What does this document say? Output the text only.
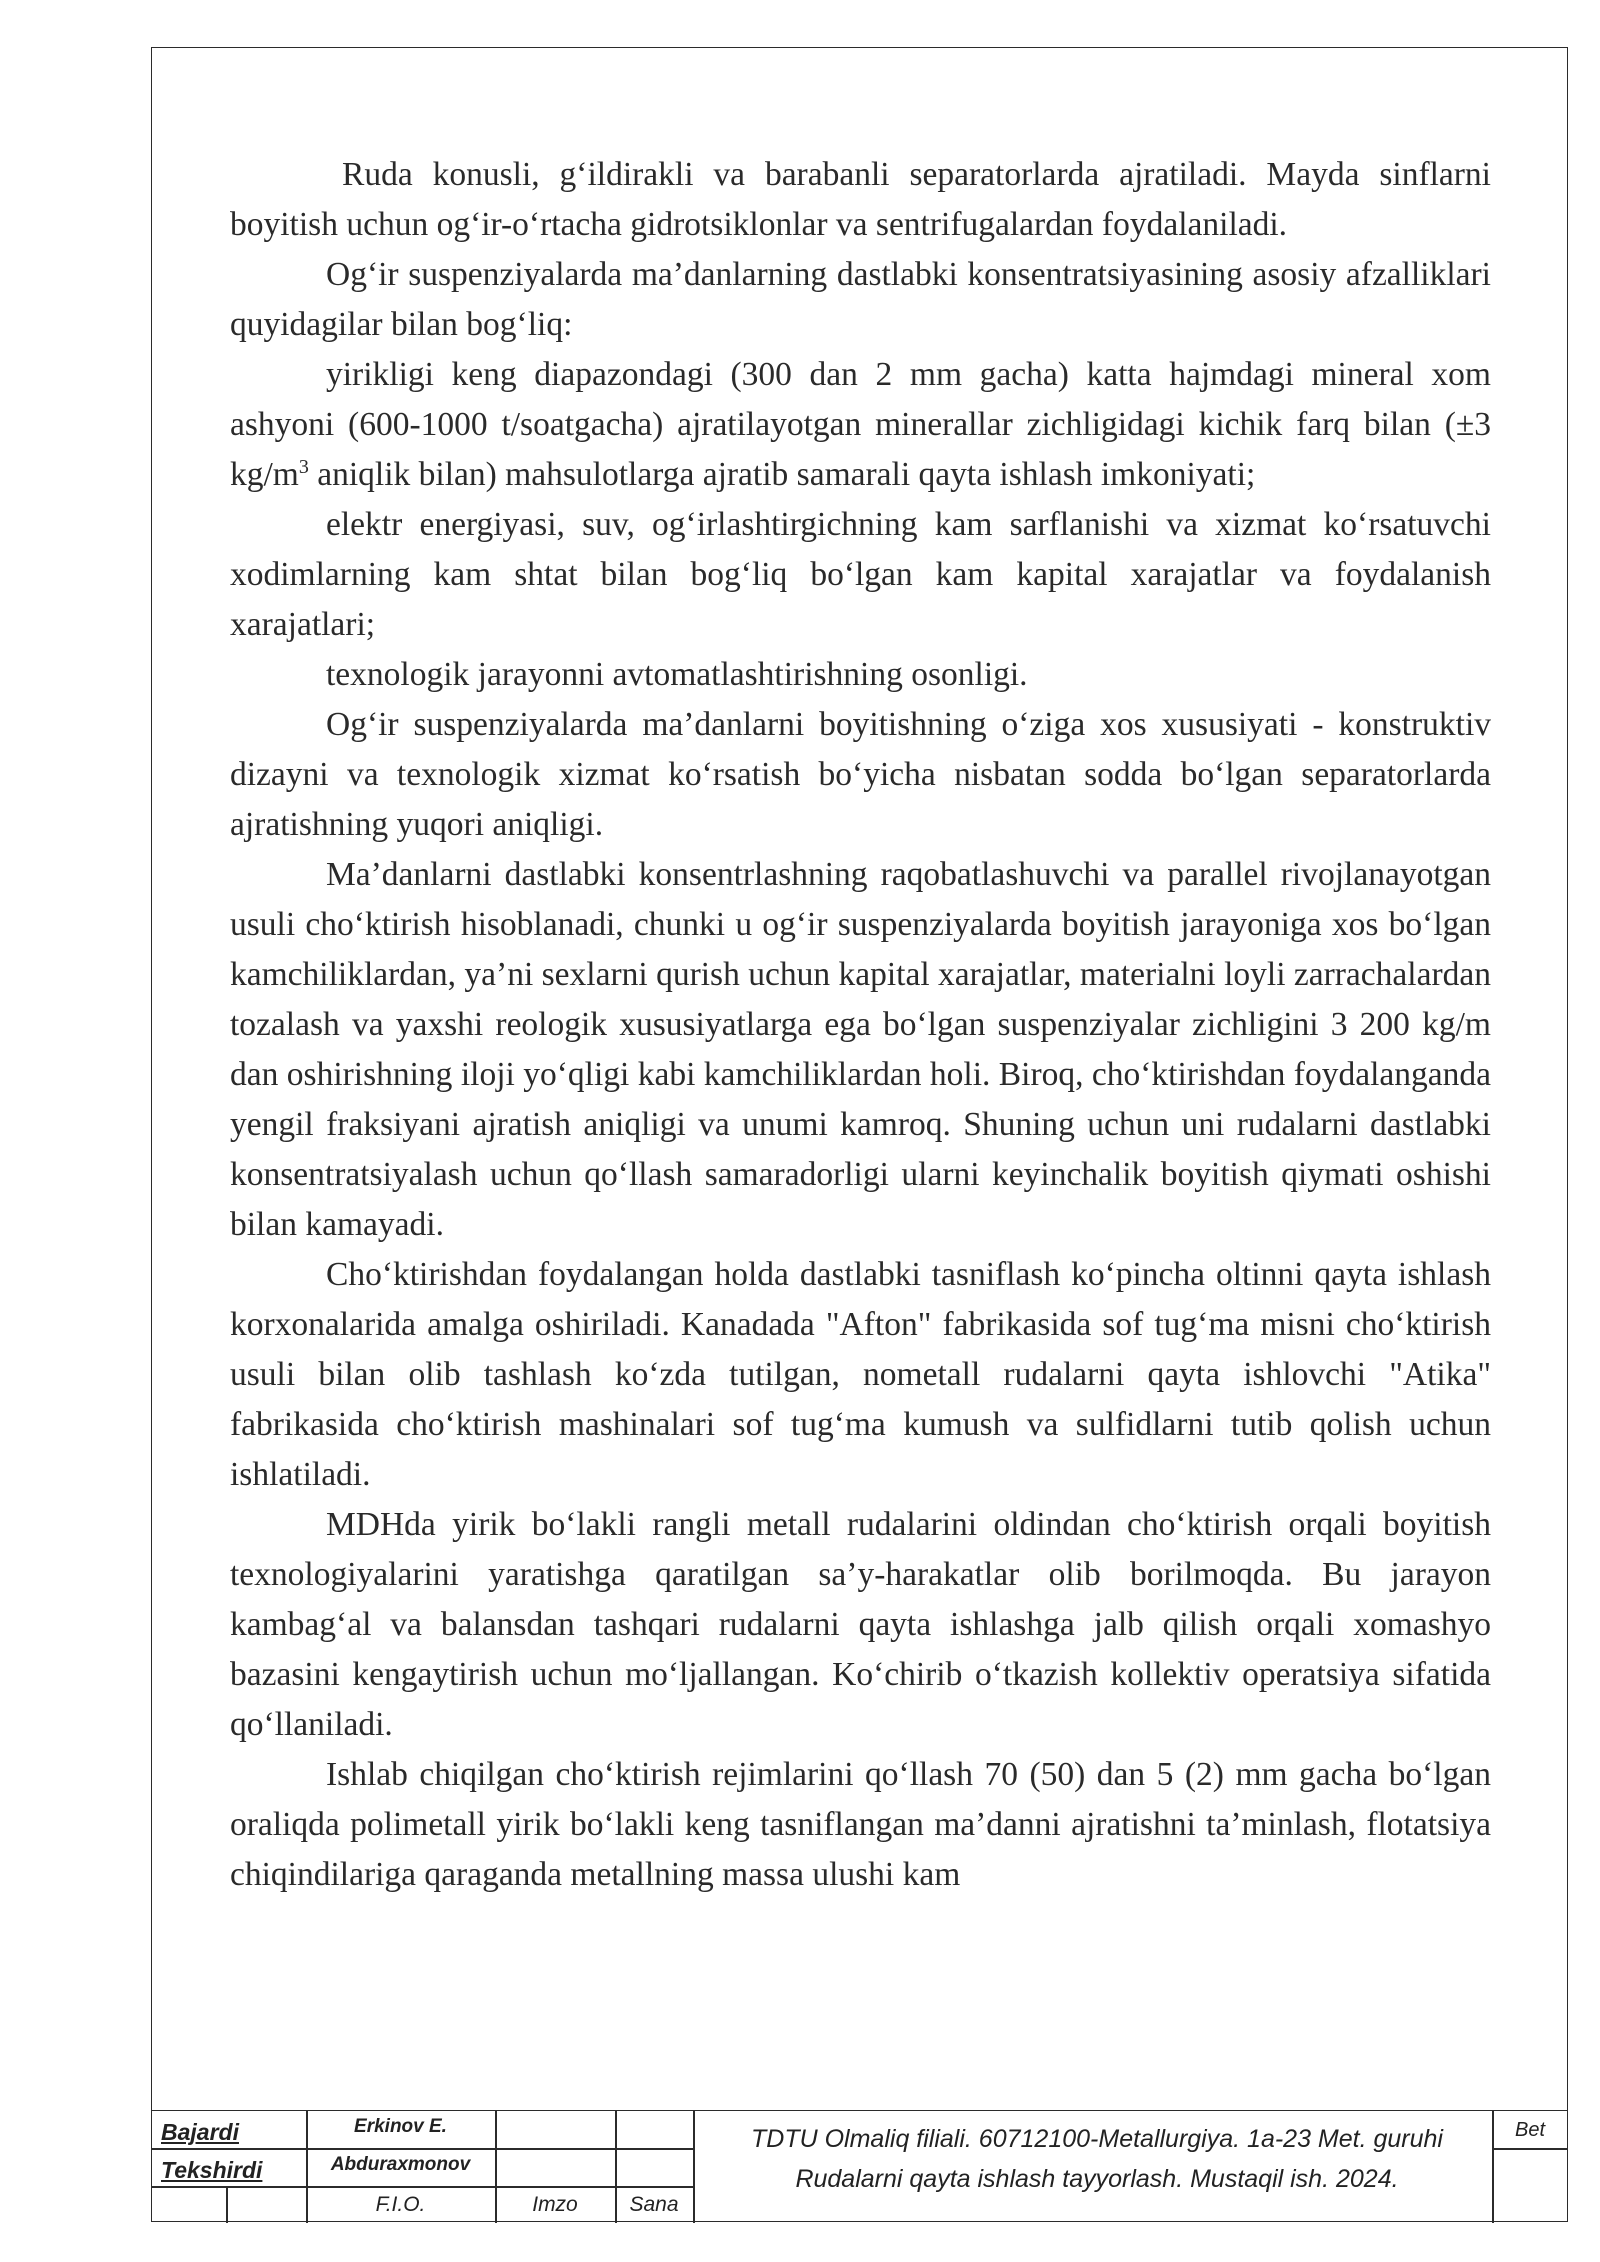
Ruda konusli, g‘ildirakli va barabanli separatorlarda ajratiladi. Mayda sinflarni boyitish uchun og‘ir-o‘rtacha gidrotsiklonlar va sentrifugalardan foydalaniladi.

Og‘ir suspenziyalarda ma’danlarning dastlabki konsentratsiyasining asosiy afzalliklari quyidagilar bilan bog‘liq:

yirikligi keng diapazondagi (300 dan 2 mm gacha) katta hajmdagi mineral xom ashyoni (600-1000 t/soatgacha) ajratilayotgan minerallar zichligidagi kichik farq bilan (±3 $kg/m^3$ aniqlik bilan) mahsulotlarga ajratib samarali qayta ishlash imkoniyati;

elektr energiyasi, suv, og‘irlashtirgichning kam sarflanishi va xizmat ko‘rsatuvchi xodimlarning kam shtat bilan bog‘liq bo‘lgan kam kapital xarajatlar va foydalanish xarajatlari;

texnologik jarayonni avtomatlashtirishning osonligi.

Og‘ir suspenziyalarda ma’danlarni boyitishning o‘ziga xos xususiyati - konstruktiv dizayni va texnologik xizmat ko‘rsatish bo‘yicha nisbatan sodda bo‘lgan separatorlarda ajratishning yuqori aniqligi.

Ma’danlarni dastlabki konsentrlashning raqobatlashuvchi va parallel rivojlanayotgan usuli cho‘ktirish hisoblanadi, chunki u og‘ir suspenziyalarda boyitish jarayoniga xos bo‘lgan kamchiliklardan, ya’ni sexlarni qurish uchun kapital xarajatlar, materialni loyli zarrachalardan tozalash va yaxshi reologik xususiyatlarga ega bo‘lgan suspenziyalar zichligini 3 200 kg/m dan oshirishning iloji yo‘qligi kabi kamchiliklardan holi. Biroq, cho‘ktirishdan foydalanganda yengil fraksiyani ajratish aniqligi va unumi kamroq. Shuning uchun uni rudalarni dastlabki konsentratsiyalash uchun qo‘llash samaradorligi ularni keyinchalik boyitish qiymati oshishi bilan kamayadi.

Cho‘ktirishdan foydalangan holda dastlabki tasniflash ko‘pincha oltinni qayta ishlash korxonalarida amalga oshiriladi. Kanadada "Afton" fabrikasida sof tug‘ma misni cho‘ktirish usuli bilan olib tashlash ko‘zda tutilgan, nometall rudalarni qayta ishlovchi "Atika" fabrikasida cho‘ktirish mashinalari sof tug‘ma kumush va sulfidlarni tutib qolish uchun ishlatiladi.

MDHda yirik bo‘lakli rangli metall rudalarini oldindan cho‘ktirish orqali boyitish texnologiyalarini yaratishga qaratilgan sa’y-harakatlar olib borilmoqda. Bu jarayon kambag‘al va balansdan tashqari rudalarni qayta ishlashga jalb qilish orqali xomashyo bazasini kengaytirish uchun mo‘ljallangan. Ko‘chirib o‘tkazish kollektiv operatsiya sifatida qo‘llaniladi.

Ishlab chiqilgan cho‘ktirish rejimlarini qo‘llash 70 (50) dan 5 (2) mm gacha bo‘lgan oraliqda polimetall yirik bo‘lakli keng tasniflangan ma’danni ajratishni ta’minlash, flotatsiya chiqindilariga qaraganda metallning massa ulushi kam

Bajardi
Tekshirdi
Erkinov E.
Abduraxmonov
F.I.O.	Imzo	Sana
TDTU Olmaliq filiali. 60712100-Metallurgiya. 1a-23 Met. guruhi
Rudalarni qayta ishlash tayyorlash. Mustaqil ish. 2024.
Bet
